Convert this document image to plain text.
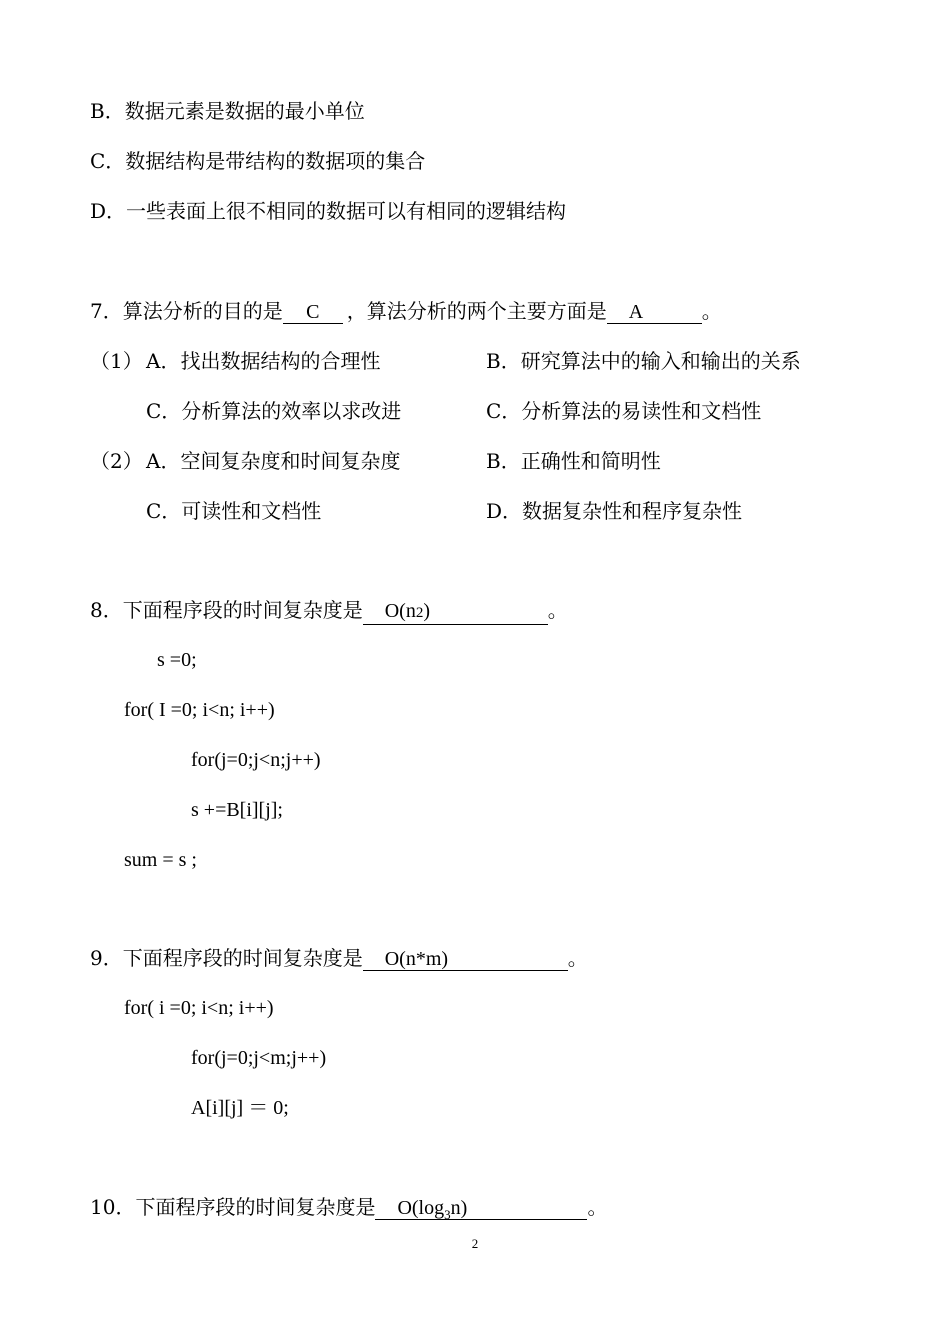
B．数据元素是数据的最小单位
C．数据结构是带结构的数据项的集合
D．一些表面上很不相同的数据可以有相同的逻辑结构
7．算法分析的目的是 C ，算法分析的两个主要方面是 A	。
（1） A．找出数据结构的合理性	B．研究算法中的输入和输出的关系
C．分析算法的效率以求改进	C．分析算法的易读性和文档性
（2） A．空间复杂度和时间复杂度	B．正确性和简明性
C．可读性和文档性	D．数据复杂性和程序复杂性
8．下面程序段的时间复杂度是 O(n2)	。
s =0;
for( I =0; i<n; i++)
for(j=0;j<n;j++)
s +=B[i][j];
sum = s ;
9．下面程序段的时间复杂度是 O(n*m)	。
for( i =0; i<n; i++)
for(j=0;j<m;j++)
A[i][j] ＝ 0;
10．下面程序段的时间复杂度是 $O(\log_3n)$	。
2
